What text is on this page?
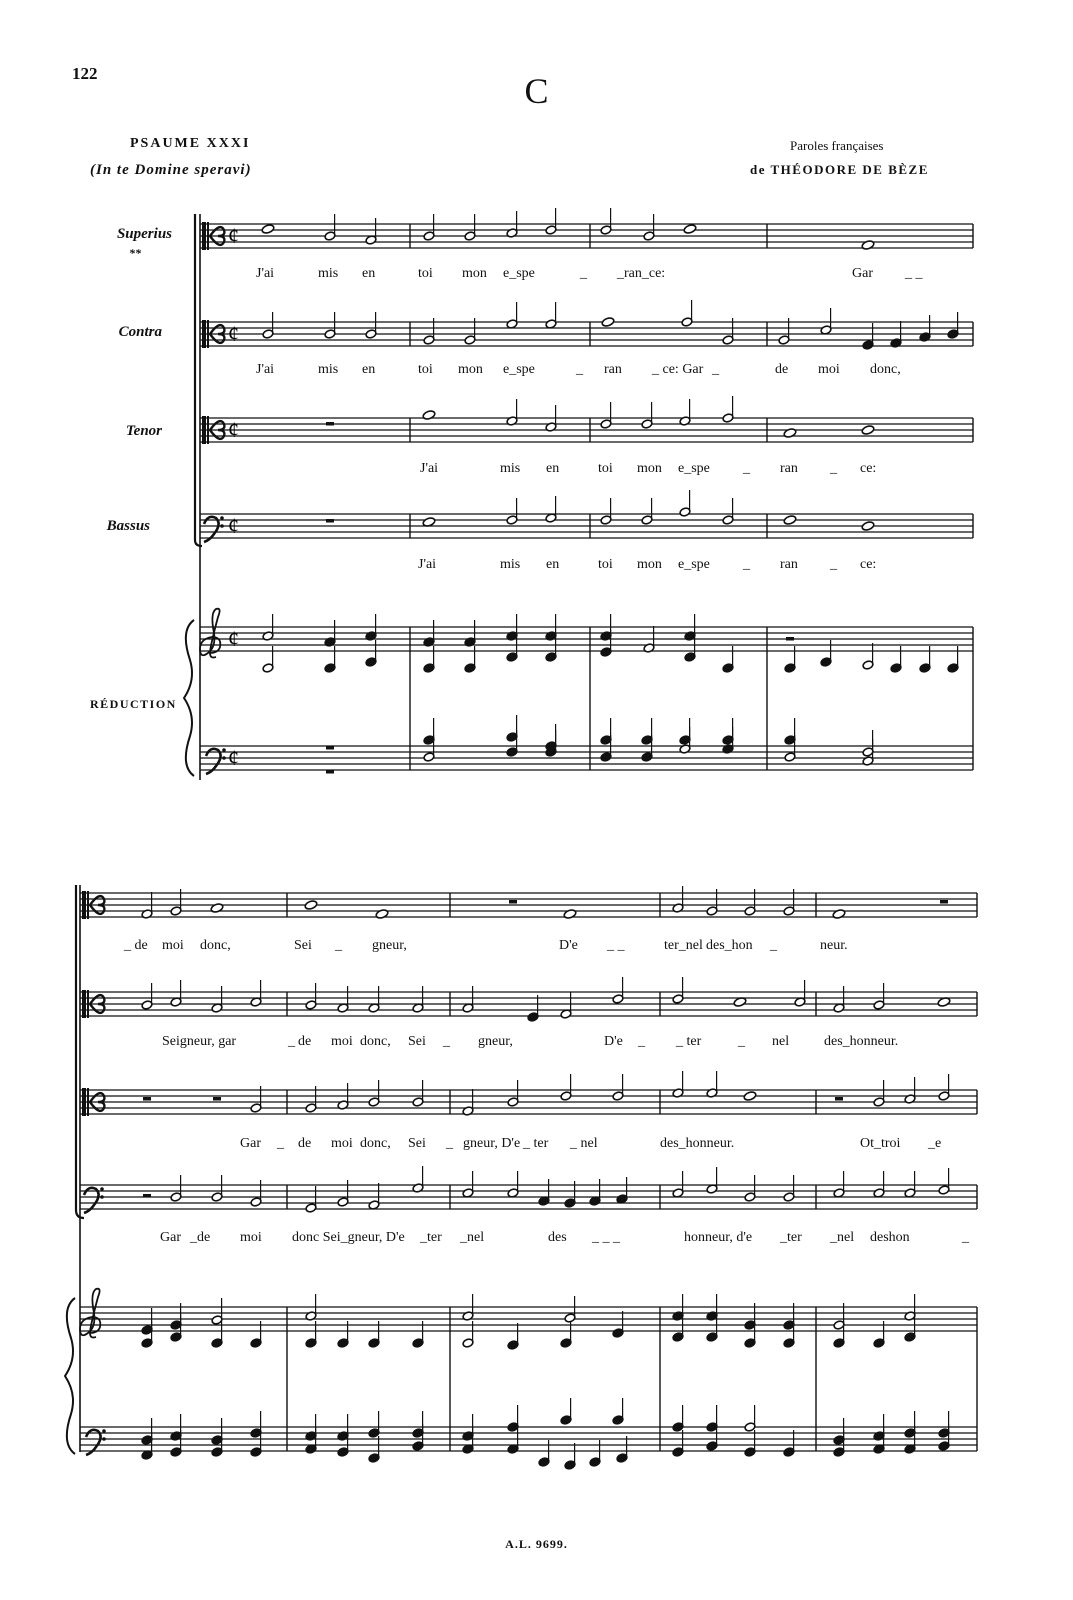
122	C
PSAUME XXXI
(In te Domine speravi)
Paroles françaises
de THÉODORE DE BÈZE
Superius
**
Contra
Tenor
Bassus
RÉDUCTION
¢
¢
¢
¢
¢
¢
J'ai	mis en	toi mon e_spe	_ _ran_ce:	Gar _ _
J'ai	mis en	toi mon e_spe	_ ran _ ce: Gar _	de moi donc,
J'ai	mis en	toi mon e_spe _ ran _ ce:
J'ai	mis en	toi mon e_spe _ ran _ ce:
_ de moi donc,	Sei _ gneur,	D'e _ _	ter_nel des_hon _	neur.
Seigneur, gar	_ de moi donc, Sei _ gneur,	D'e _ _ ter	_ nel des_honneur.
Gar _ de moi donc, Sei _ gneur, D'e _ ter _ nel	des_honneur.	Ot_troi _e
Gar _de moi donc Sei_gneur, D'e _ter _nel	des _ _ _	honneur, d'e _ter _nel deshon	_
A.L. 9699.
